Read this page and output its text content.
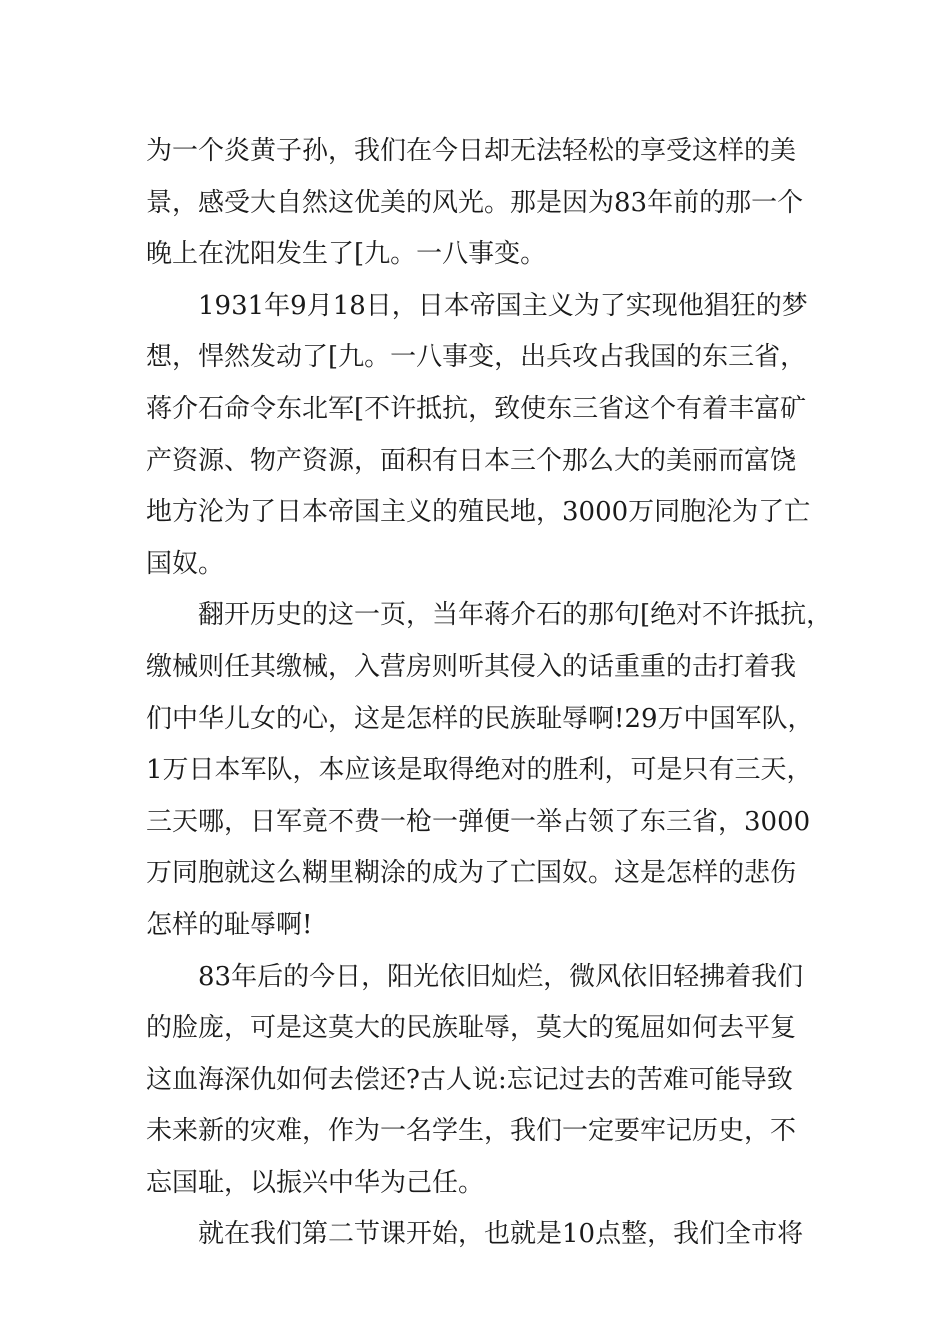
为一个炎黄子孙，我们在今日却无法轻松的享受这样的美
景，感受大自然这优美的风光。那是因为83年前的那一个
晚上在沈阳发生了[九。一八事变。
1931年9月18日，日本帝国主义为了实现他猖狂的梦
想，悍然发动了[九。一八事变，出兵攻占我国的东三省，
蒋介石命令东北军[不许抵抗，致使东三省这个有着丰富矿
产资源、物产资源，面积有日本三个那么大的美丽而富饶
地方沦为了日本帝国主义的殖民地，3000万同胞沦为了亡
国奴。
翻开历史的这一页，当年蒋介石的那句[绝对不许抵抗，
缴械则任其缴械，入营房则听其侵入的话重重的击打着我
们中华儿女的心，这是怎样的民族耻辱啊!29万中国军队，
1万日本军队，本应该是取得绝对的胜利，可是只有三天，
三天哪，日军竟不费一枪一弹便一举占领了东三省，3000
万同胞就这么糊里糊涂的成为了亡国奴。这是怎样的悲伤
怎样的耻辱啊!
83年后的今日，阳光依旧灿烂，微风依旧轻拂着我们
的脸庞，可是这莫大的民族耻辱，莫大的冤屈如何去平复
这血海深仇如何去偿还?古人说:忘记过去的苦难可能导致
未来新的灾难，作为一名学生，我们一定要牢记历史，不
忘国耻，以振兴中华为己任。
就在我们第二节课开始，也就是10点整，我们全市将
